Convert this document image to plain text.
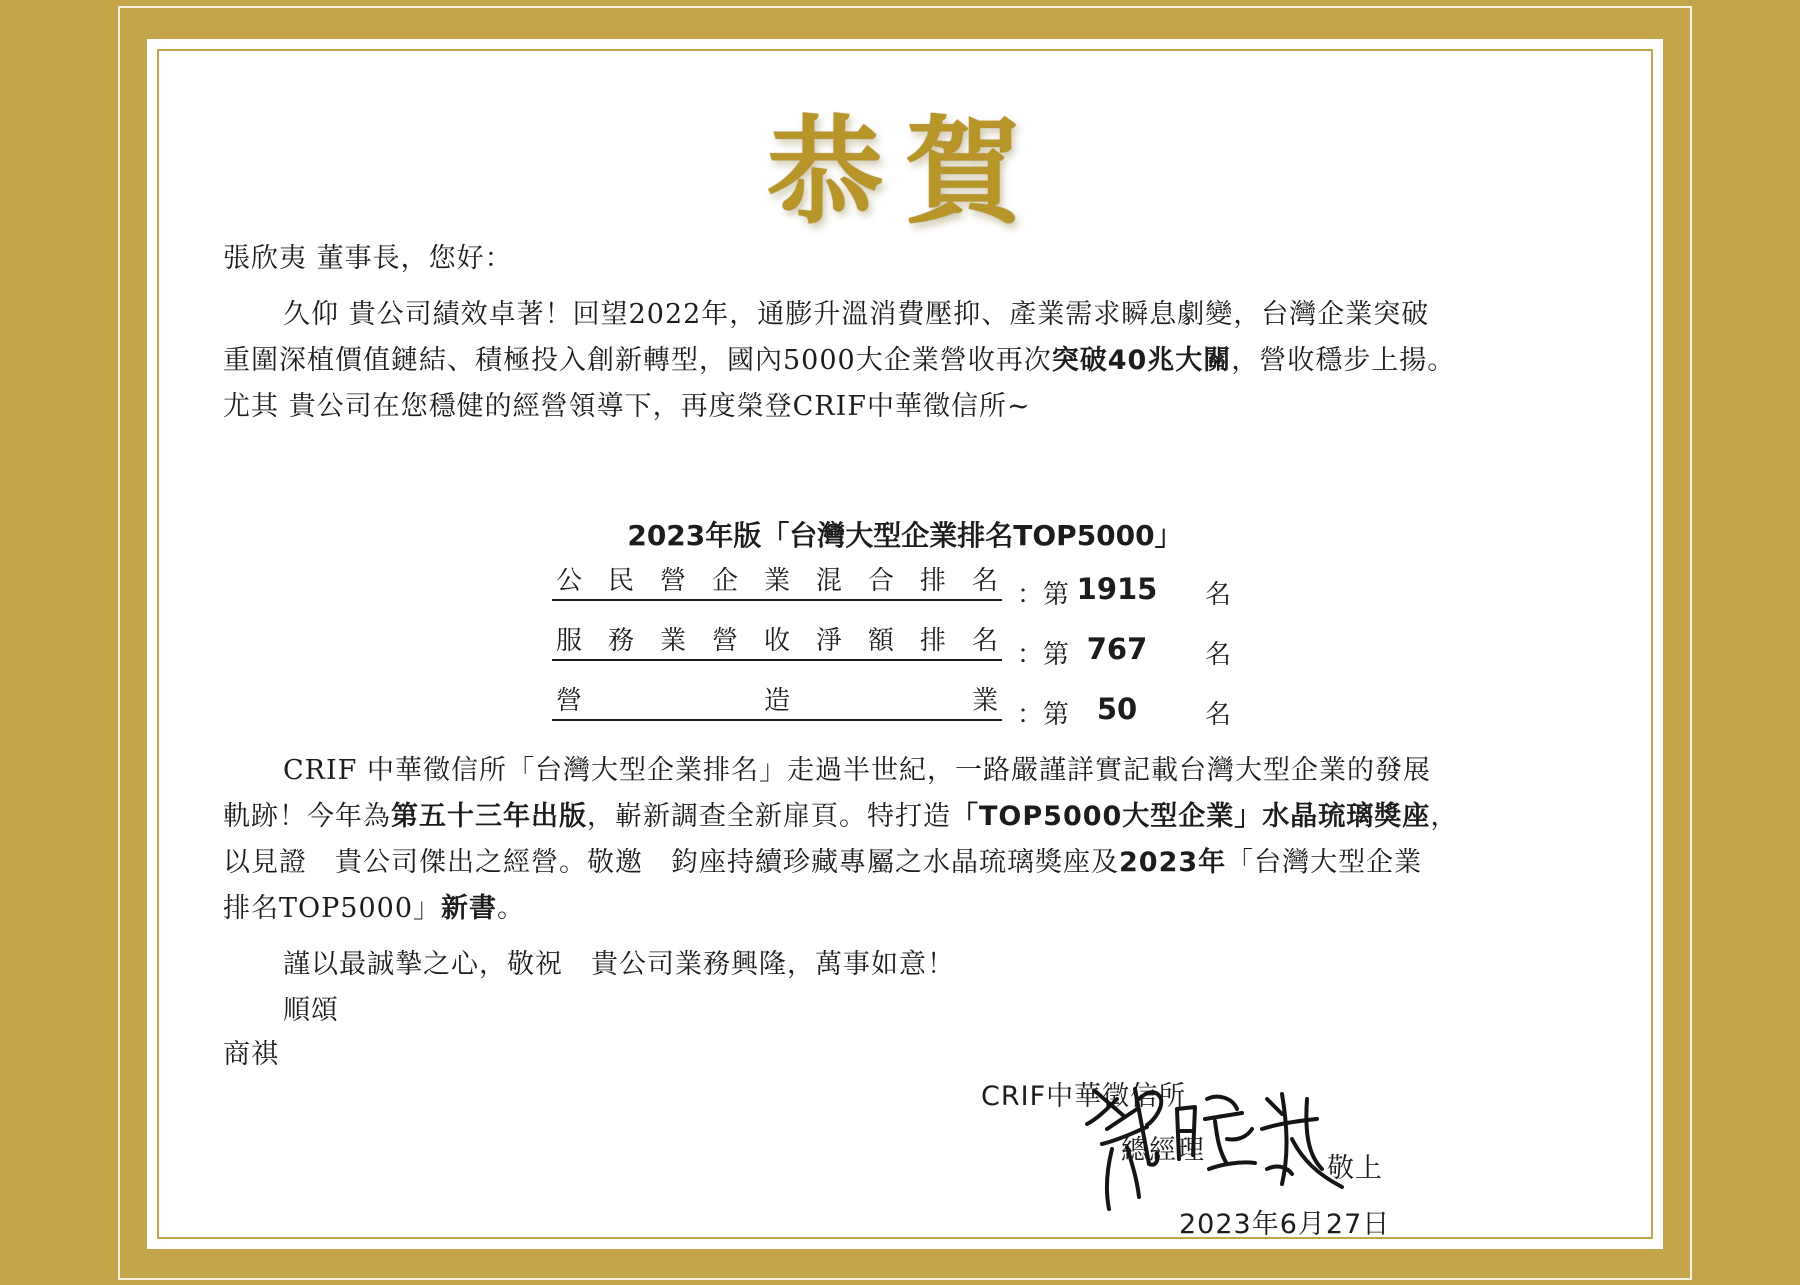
恭賀
張欣夷 董事長，您好：
久仰 貴公司績效卓著！回望2022年，通膨升溫消費壓抑、產業需求瞬息劇變，台灣企業突破
重圍深植價值鏈結、積極投入創新轉型，國內5000大企業營收再次突破40兆大關，營收穩步上揚。
尤其 貴公司在您穩健的經營領導下，再度榮登CRIF中華徵信所~
2023年版「台灣大型企業排名TOP5000」
公 民 營 企 業 混 合 排 名 ：第 1915	名
服 務 業 營 收 淨 額 排 名 ：第 767	名
營	造	業 ：第 50	名
CRIF 中華徵信所「台灣大型企業排名」走過半世紀，一路嚴謹詳實記載台灣大型企業的發展
軌跡！今年為第五十三年出版，嶄新調查全新扉頁。特打造「TOP5000大型企業」水晶琉璃獎座，
以見證　貴公司傑出之經營。敬邀　鈞座持續珍藏專屬之水晶琉璃獎座及2023年「台灣大型企業
排名TOP5000」新書。
謹以最誠摯之心，敬祝　貴公司業務興隆，萬事如意！
順頌
商祺
CRIF中華徵信所
總經理
敬上
2023年6月27日
